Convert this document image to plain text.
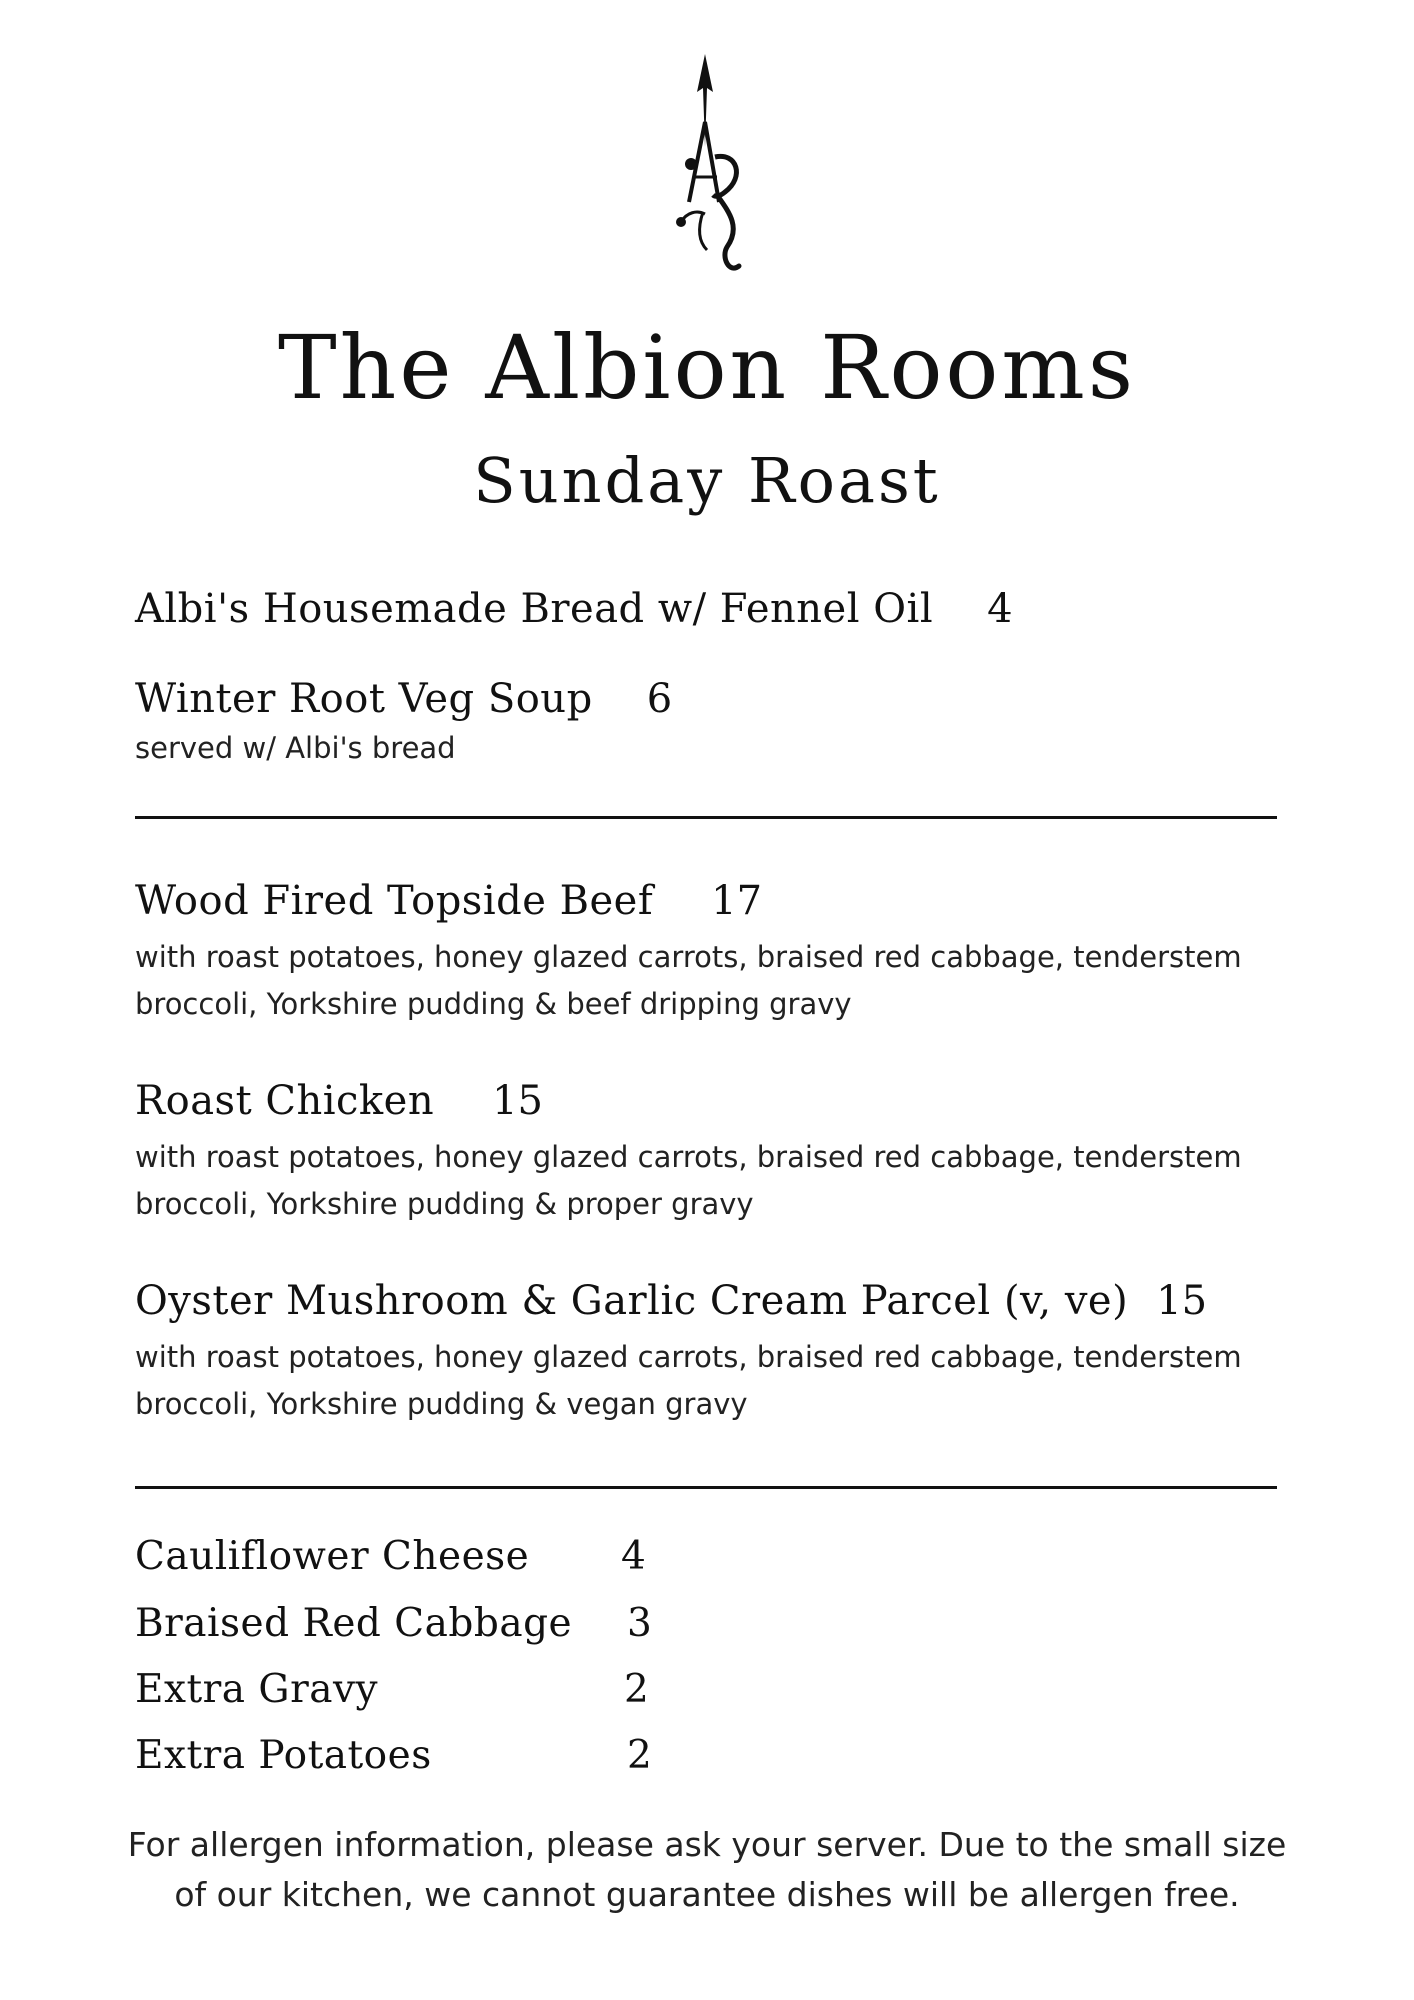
The Albion Rooms
Sunday Roast
Albi's Housemade Bread w/ Fennel Oil 4
Winter Root Veg Soup 6
served w/ Albi's bread
Wood Fired Topside Beef 17
with roast potatoes, honey glazed carrots, braised red cabbage, tenderstem
broccoli, Yorkshire pudding & beef dripping gravy
Roast Chicken 15
with roast potatoes, honey glazed carrots, braised red cabbage, tenderstem
broccoli, Yorkshire pudding & proper gravy
Oyster Mushroom & Garlic Cream Parcel (v, ve) 15
with roast potatoes, honey glazed carrots, braised red cabbage, tenderstem
broccoli, Yorkshire pudding & vegan gravy
Cauliflower Cheese 4
Braised Red Cabbage 3
Extra Gravy	2
Extra Potatoes	2
For allergen information, please ask your server. Due to the small size
of our kitchen, we cannot guarantee dishes will be allergen free.
